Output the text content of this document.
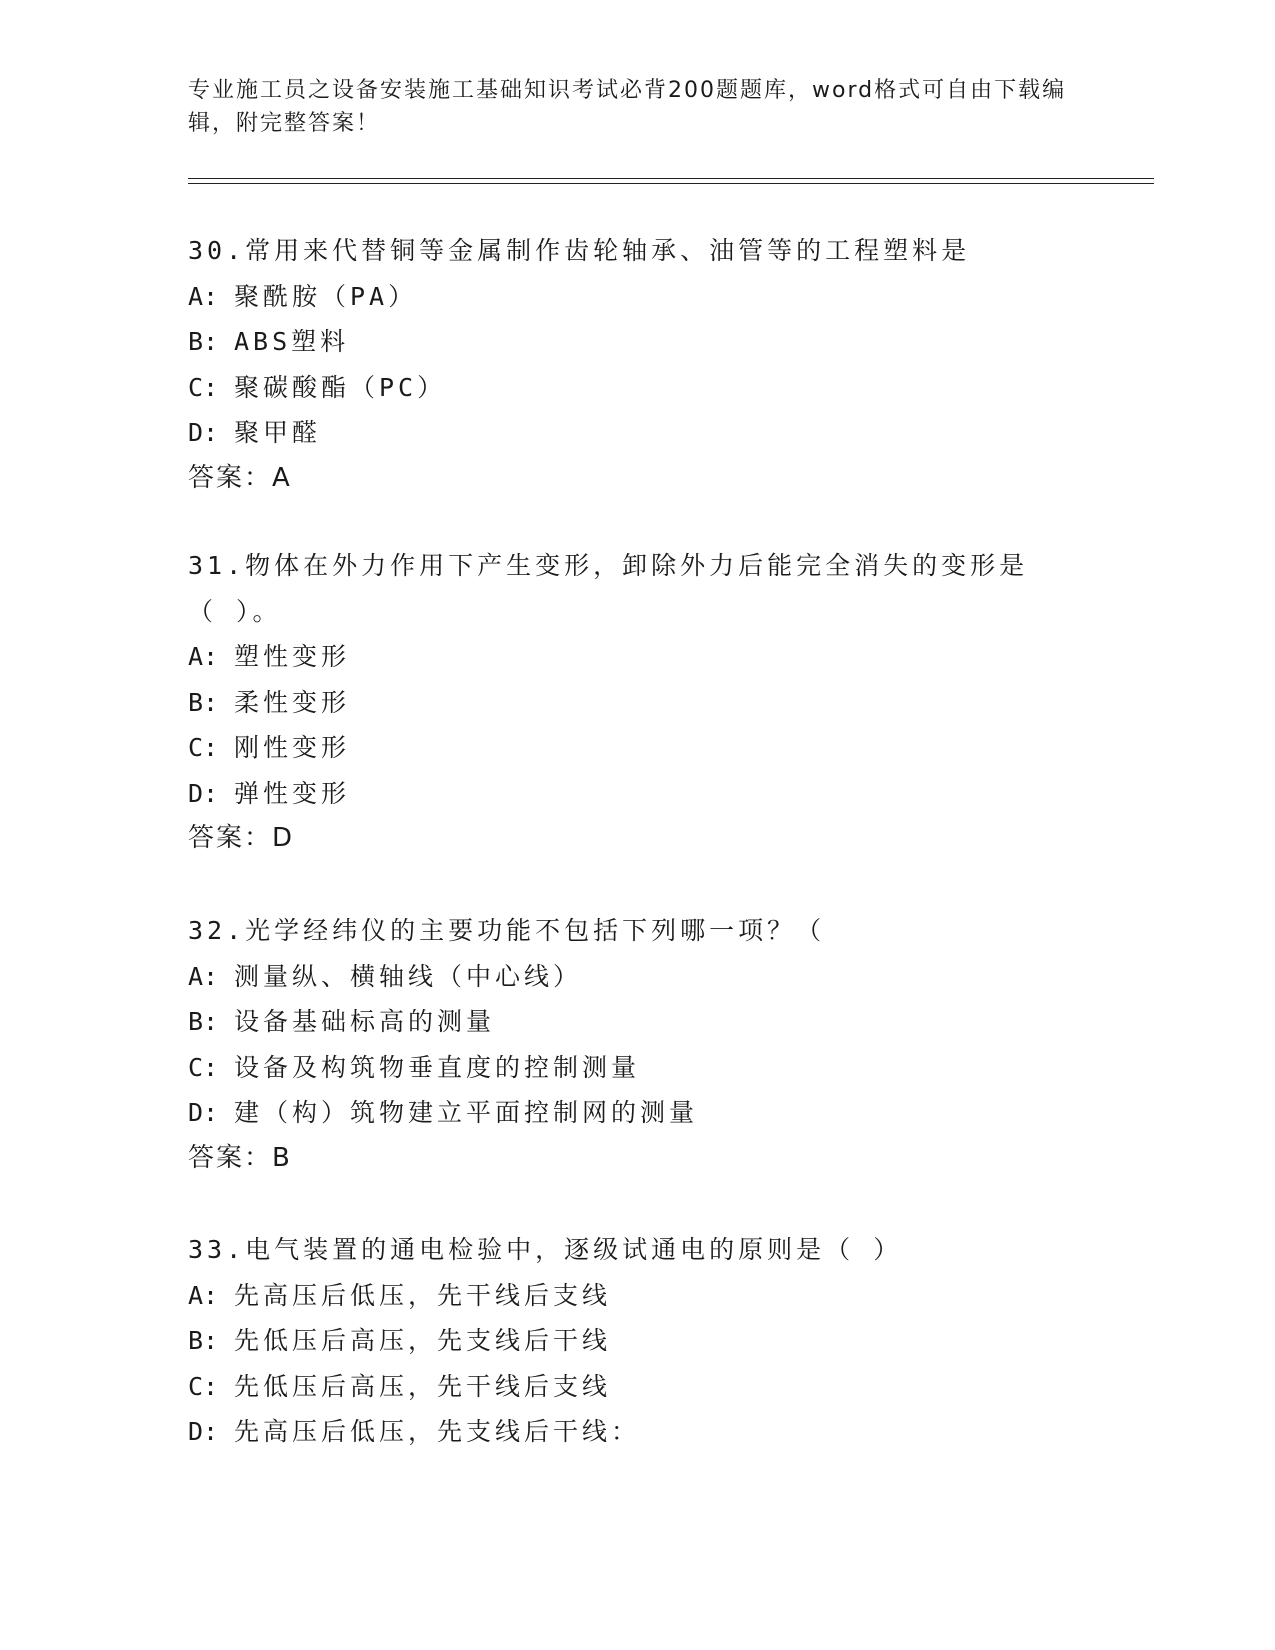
专业施工员之设备安装施工基础知识考试必背200题题库，word格式可自由下载编辑，附完整答案！
30.常用来代替铜等金属制作齿轮轴承、油管等的工程塑料是
A: 聚酰胺（PA）
B: ABS塑料
C: 聚碳酸酯（PC）
D: 聚甲醛
答案：A
31.物体在外力作用下产生变形，卸除外力后能完全消失的变形是（ ）。
A: 塑性变形
B: 柔性变形
C: 刚性变形
D: 弹性变形
答案：D
32.光学经纬仪的主要功能不包括下列哪一项？（
A: 测量纵、横轴线（中心线）
B: 设备基础标高的测量
C: 设备及构筑物垂直度的控制测量
D: 建（构）筑物建立平面控制网的测量
答案：B
33.电气装置的通电检验中，逐级试通电的原则是（ ）
A: 先高压后低压，先干线后支线
B: 先低压后高压，先支线后干线
C: 先低压后高压，先干线后支线
D: 先高压后低压，先支线后干线：
